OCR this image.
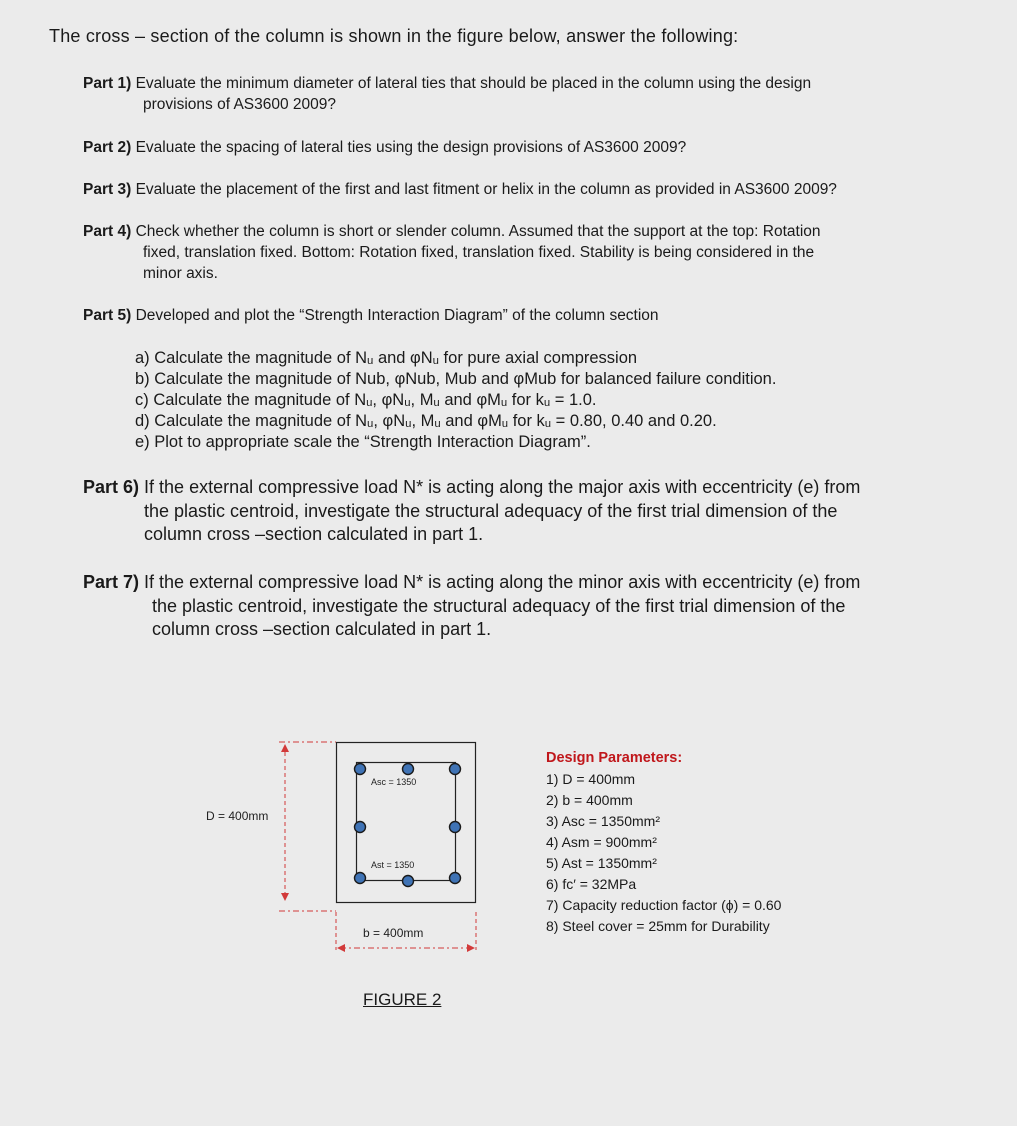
The cross – section of the column is shown in the figure below, answer the following:
Part 1) Evaluate the minimum diameter of lateral ties that should be placed in the column using the design
provisions of AS3600 2009?
Part 2) Evaluate the spacing of lateral ties using the design provisions of AS3600 2009?
Part 3) Evaluate the placement of the first and last fitment or helix in the column as provided in AS3600 2009?
Part 4) Check whether the column is short or slender column. Assumed that the support at the top: Rotation
fixed, translation fixed. Bottom: Rotation fixed, translation fixed. Stability is being considered in the
minor axis.
Part 5) Developed and plot the “Strength Interaction Diagram” of the column section
a) Calculate the magnitude of Nᵤ and φNᵤ for pure axial compression
b) Calculate the magnitude of Nub, φNub, Mub and φMub for balanced failure condition.
c) Calculate the magnitude of Nᵤ, φNᵤ, Mᵤ and φMᵤ for kᵤ = 1.0.
d) Calculate the magnitude of Nᵤ, φNᵤ, Mᵤ and φMᵤ for kᵤ = 0.80, 0.40 and 0.20.
e) Plot to appropriate scale the “Strength Interaction Diagram”.
Part 6) If the external compressive load N* is acting along the major axis with eccentricity (e) from
the plastic centroid, investigate the structural adequacy of the first trial dimension of the
column cross –section calculated in part 1.
Part 7) If the external compressive load N* is acting along the minor axis with eccentricity (e) from
the plastic centroid, investigate the structural adequacy of the first trial dimension of the
column cross –section calculated in part 1.
Asc = 1350
Ast = 1350
D = 400mm
b = 400mm
FIGURE 2
Design Parameters:
1) D = 400mm
2) b = 400mm
3) Asc = 1350mm²
4) Asm = 900mm²
5) Ast = 1350mm²
6) fc′ = 32MPa
7) Capacity reduction factor (ϕ) = 0.60
8) Steel cover = 25mm for Durability
